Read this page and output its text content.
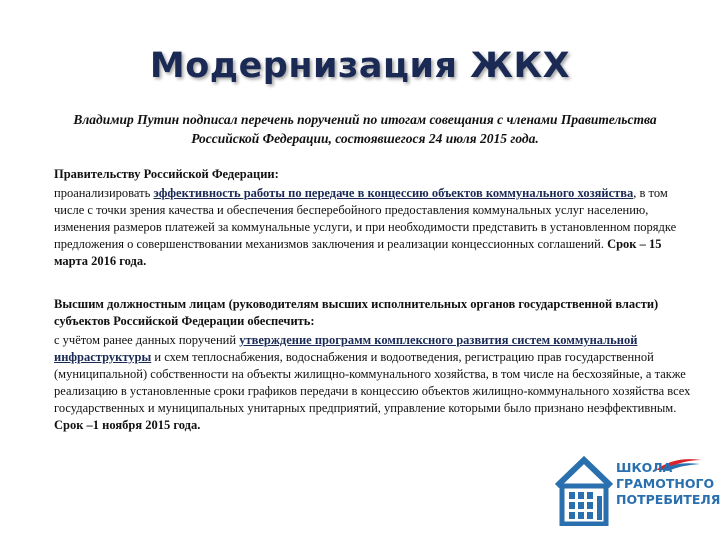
Модернизация ЖКХ
Владимир Путин подписал перечень поручений по итогам совещания с членами Правительства Российской Федерации, состоявшегося 24 июля 2015 года.
Правительству Российской Федерации:
проанализировать эффективность работы по передаче в концессию объектов коммунального хозяйства, в том числе с точки зрения качества и обеспечения бесперебойного предоставления коммунальных услуг населению, изменения размеров платежей за коммунальные услуги, и при необходимости представить в установленном порядке предложения о совершенствовании механизмов заключения и реализации концессионных соглашений. Срок – 15 марта 2016 года.
Высшим должностным лицам (руководителям высших исполнительных органов государственной власти) субъектов Российской Федерации обеспечить:
с учётом ранее данных поручений утверждение программ комплексного развития систем коммунальной инфраструктуры и схем теплоснабжения, водоснабжения и водоотведения, регистрацию прав государственной (муниципальной) собственности на объекты жилищно-коммунального хозяйства, в том числе на бесхозяйные, а также реализацию в установленные сроки графиков передачи в концессию объектов жилищно-коммунального хозяйства всех государственных и муниципальных унитарных предприятий, управление которыми было признано неэффективным. Срок –1 ноября 2015 года.
ШКОЛА
ГРАМОТНОГО
ПОТРЕБИТЕЛЯ
